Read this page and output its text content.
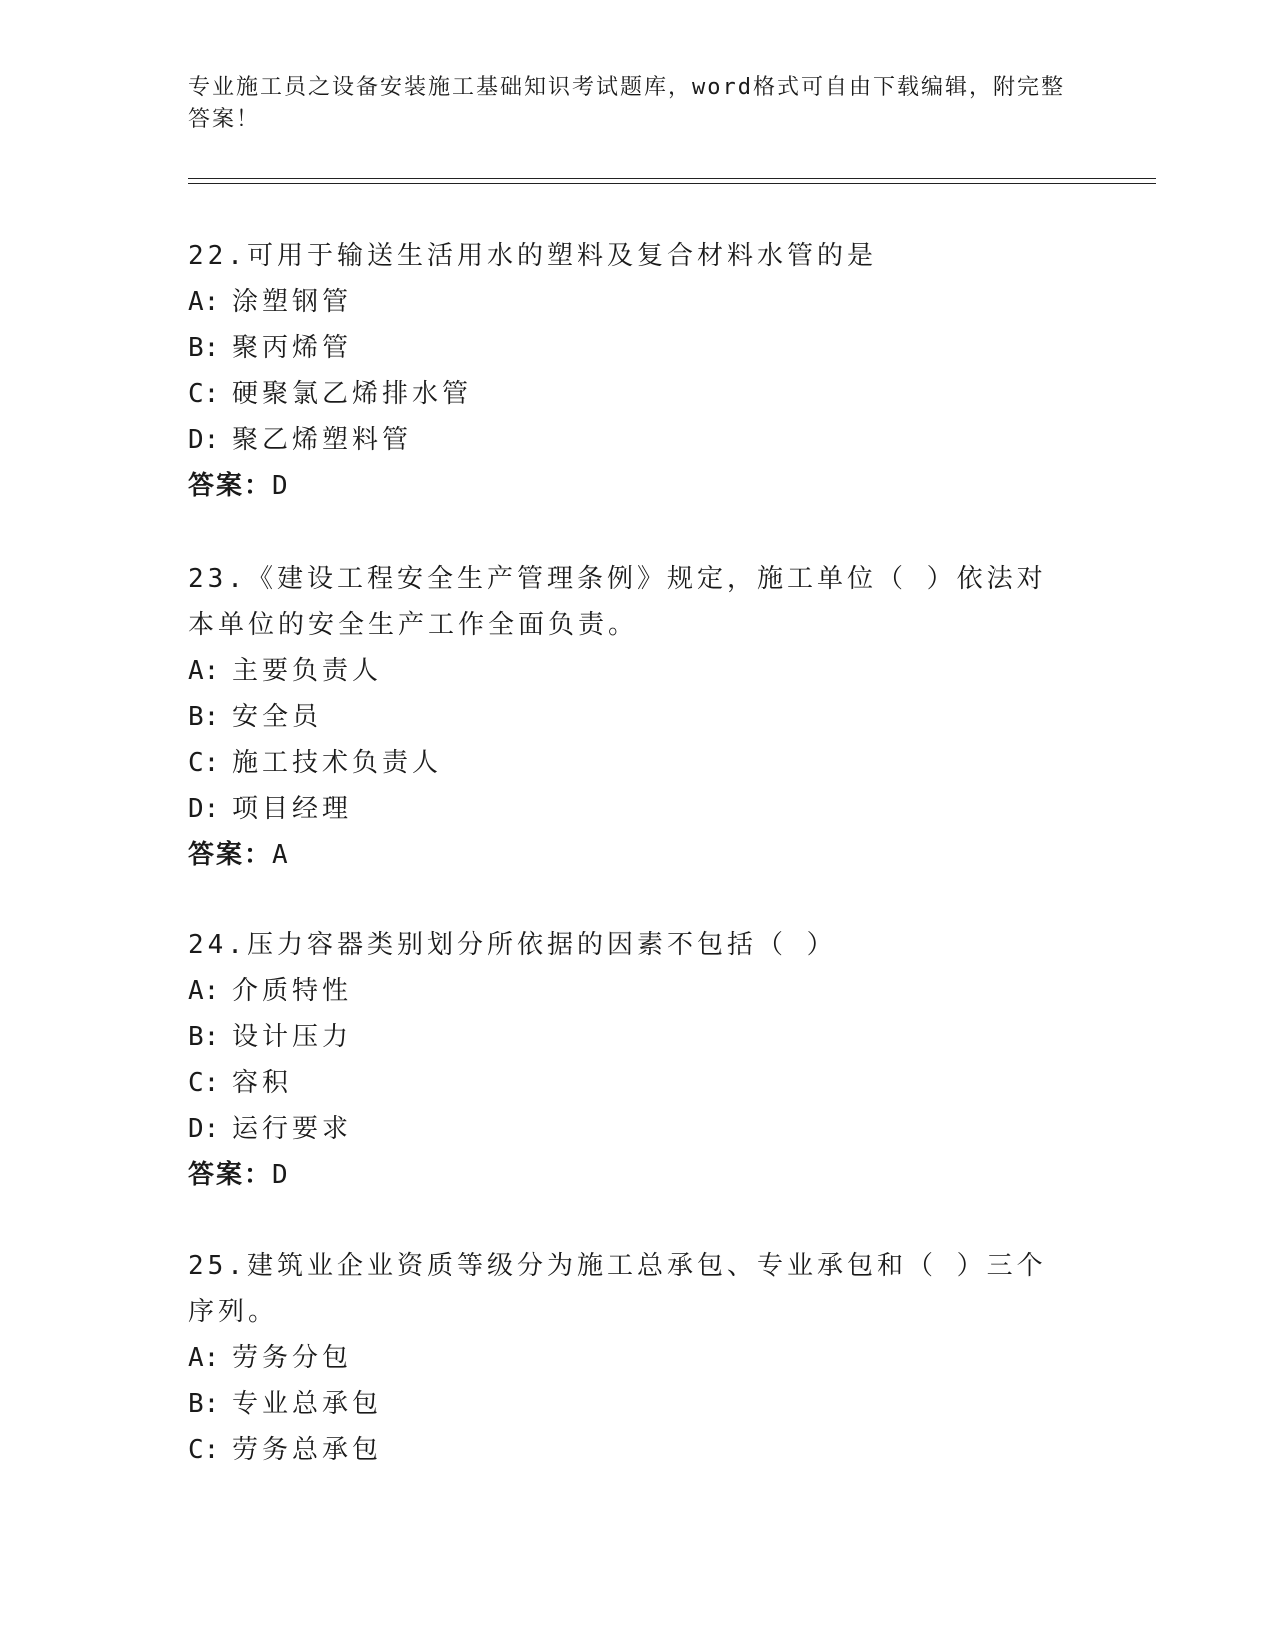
专业施工员之设备安装施工基础知识考试题库，word格式可自由下载编辑，附完整答案！

22.可用于输送生活用水的塑料及复合材料水管的是

A: 涂塑钢管

B: 聚丙烯管

C: 硬聚氯乙烯排水管

D: 聚乙烯塑料管

答案：D

23.《建设工程安全生产管理条例》规定，施工单位（ ）依法对本单位的安全生产工作全面负责。

A: 主要负责人

B: 安全员

C: 施工技术负责人

D: 项目经理

答案：A

24.压力容器类别划分所依据的因素不包括（ ）

A: 介质特性

B: 设计压力

C: 容积

D: 运行要求

答案：D

25.建筑业企业资质等级分为施工总承包、专业承包和（ ）三个序列。

A: 劳务分包

B: 专业总承包

C: 劳务总承包
